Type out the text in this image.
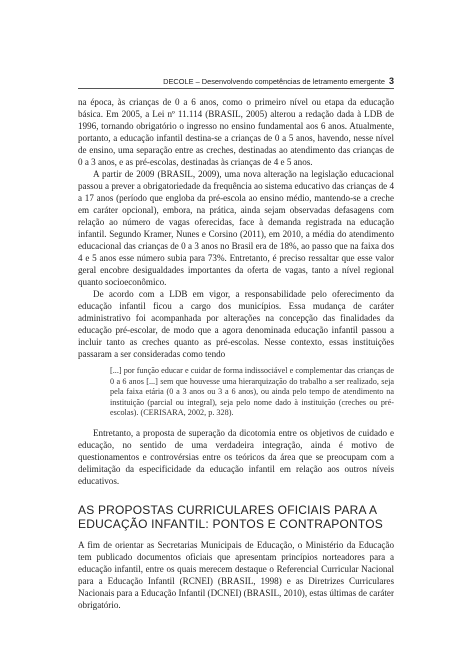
DECOLE – Desenvolvendo competências de letramento emergente 3

na época, às crianças de 0 a 6 anos, como o primeiro nível ou etapa da educação básica. Em 2005, a Lei nº 11.114 (BRASIL, 2005) alterou a redação dada à LDB de 1996, tornando obrigatório o ingresso no ensino fundamental aos 6 anos. Atualmente, portanto, a educação infantil destina-se a crianças de 0 a 5 anos, havendo, nesse nível de ensino, uma separação entre as creches, destinadas ao atendimento das crianças de 0 a 3 anos, e as pré-escolas, destinadas às crianças de 4 e 5 anos.

A partir de 2009 (BRASIL, 2009), uma nova alteração na legislação educacional passou a prever a obrigatoriedade da frequência ao sistema educativo das crianças de 4 a 17 anos (período que engloba da pré-escola ao ensino médio, mantendo-se a creche em caráter opcional), embora, na prática, ainda sejam observadas defasagens com relação ao número de vagas oferecidas, face à demanda registrada na educação infantil. Segundo Kramer, Nunes e Corsino (2011), em 2010, a média do atendimento educacional das crianças de 0 a 3 anos no Brasil era de 18%, ao passo que na faixa dos 4 e 5 anos esse número subia para 73%. Entretanto, é preciso ressaltar que esse valor geral encobre desigualdades importantes da oferta de vagas, tanto a nível regional quanto socioeconômico.

De acordo com a LDB em vigor, a responsabilidade pelo oferecimento da educação infantil ficou a cargo dos municípios. Essa mudança de caráter administrativo foi acompanhada por alterações na concepção das finalidades da educação pré-escolar, de modo que a agora denominada educação infantil passou a incluir tanto as creches quanto as pré-escolas. Nesse contexto, essas instituições passaram a ser consideradas como tendo

[...] por função educar e cuidar de forma indissociável e complementar das crianças de 0 a 6 anos [...] sem que houvesse uma hierarquização do trabalho a ser realizado, seja pela faixa etária (0 a 3 anos ou 3 a 6 anos), ou ainda pelo tempo de atendimento na instituição (parcial ou integral), seja pelo nome dado à instituição (creches ou pré-escolas). (CERISARA, 2002, p. 328).

Entretanto, a proposta de superação da dicotomia entre os objetivos de cuidado e educação, no sentido de uma verdadeira integração, ainda é motivo de questionamentos e controvérsias entre os teóricos da área que se preocupam com a delimitação da especificidade da educação infantil em relação aos outros níveis educativos.

AS PROPOSTAS CURRICULARES OFICIAIS PARA A
EDUCAÇÃO INFANTIL: PONTOS E CONTRAPONTOS

A fim de orientar as Secretarias Municipais de Educação, o Ministério da Educação tem publicado documentos oficiais que apresentam princípios norteadores para a educação infantil, entre os quais merecem destaque o Referencial Curricular Nacional para a Educação Infantil (RCNEI) (BRASIL, 1998) e as Diretrizes Curriculares Nacionais para a Educação Infantil (DCNEI) (BRASIL, 2010), estas últimas de caráter obrigatório.
